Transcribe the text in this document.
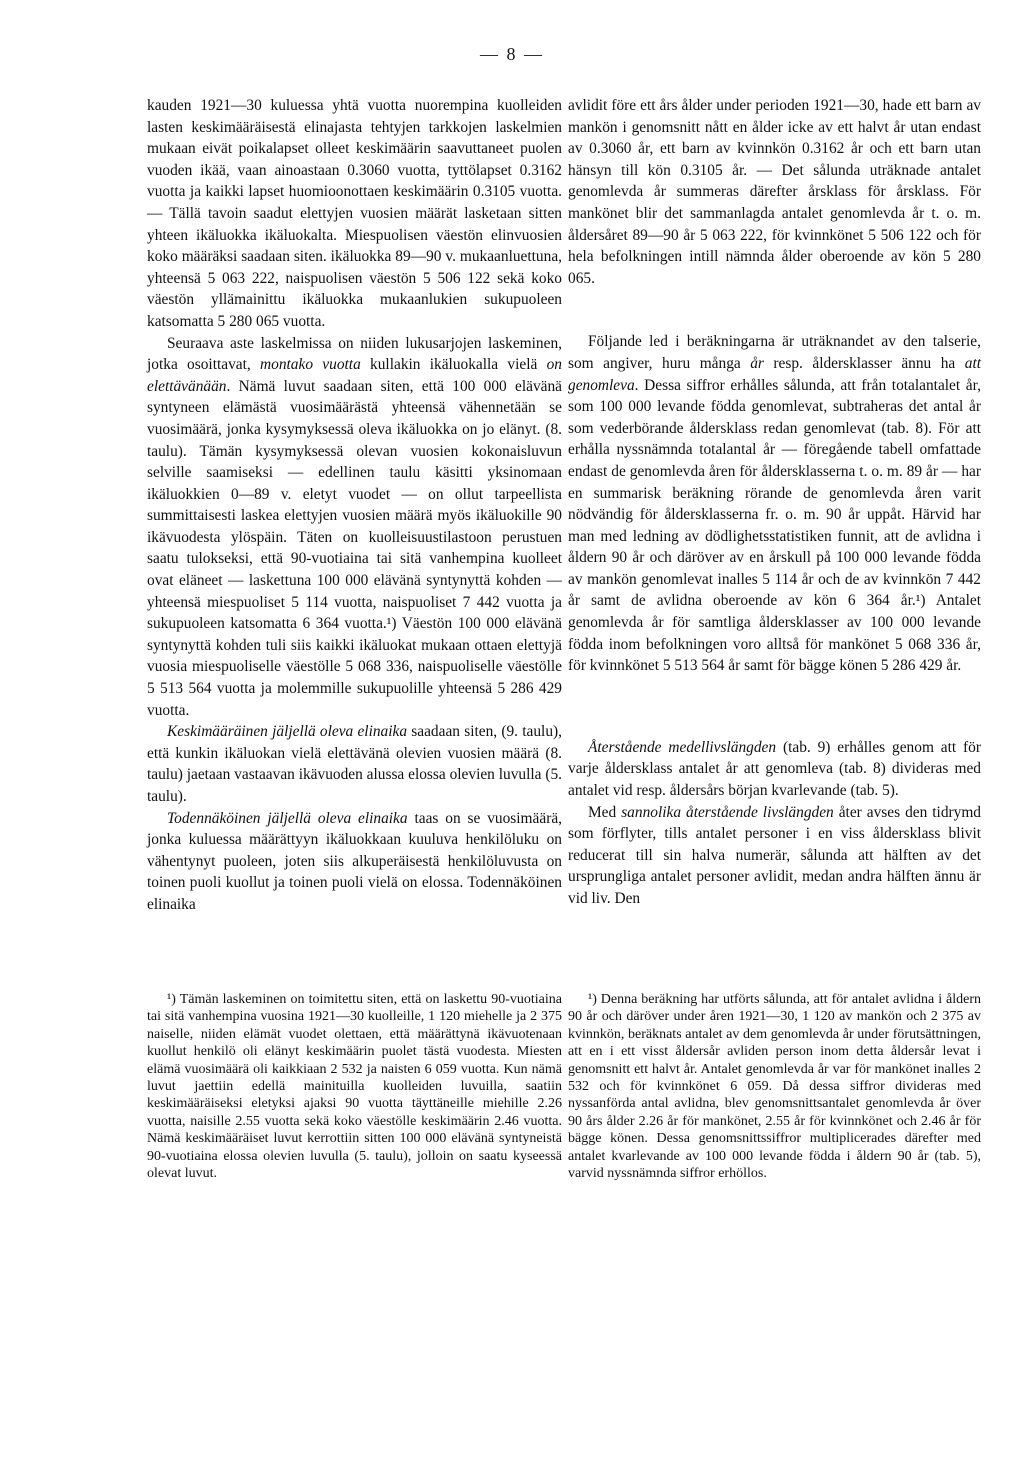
— 8 —

kauden 1921—30 kuluessa yhtä vuotta nuorempina kuolleiden lasten keskimääräisestä elinajasta tehtyjen tarkkojen laskelmien mukaan eivät poikalapset olleet keskimäärin saavuttaneet puolen vuoden ikää, vaan ainoastaan 0.3060 vuotta, tyttölapset 0.3162 vuotta ja kaikki lapset huomioonottaen keskimäärin 0.3105 vuotta. — Tällä tavoin saadut elettyjen vuosien määrät lasketaan sitten yhteen ikäluokka ikäluokalta. Miespuolisen väestön elinvuosien koko määräksi saadaan siten. ikäluokka 89—90 v. mukaanluettuna, yhteensä 5 063 222, naispuolisen väestön 5 506 122 sekä koko väestön yllämainittu ikäluokka mukaanlukien sukupuoleen katsomatta 5 280 065 vuotta.

Seuraava aste laskelmissa on niiden lukusarjojen laskeminen, jotka osoittavat, montako vuotta kullakin ikäluokalla vielä on elettävänään. Nämä luvut saadaan siten, että 100 000 elävänä syntyneen elämästä vuosimäärästä yhteensä vähennetään se vuosimäärä, jonka kysymyksessä oleva ikäluokka on jo elänyt. (8. taulu). Tämän kysymyksessä olevan vuosien kokonaisluvun selville saamiseksi — edellinen taulu käsitti yksinomaan ikäluokkien 0—89 v. eletyt vuodet — on ollut tarpeellista summittaisesti laskea elettyjen vuosien määrä myös ikäluokille 90 ikävuodesta ylöspäin. Täten on kuolleisuustilastoon perustuen saatu tulokseksi, että 90-vuotiaina tai sitä vanhempina kuolleet ovat eläneet — laskettuna 100 000 elävänä syntynyttä kohden — yhteensä miespuoliset 5 114 vuotta, naispuoliset 7 442 vuotta ja sukupuoleen katsomatta 6 364 vuotta.¹) Väestön 100 000 elävänä syntynyttä kohden tuli siis kaikki ikäluokat mukaan ottaen elettyjä vuosia miespuoliselle väestölle 5 068 336, naispuoliselle väestölle 5 513 564 vuotta ja molemmille sukupuolille yhteensä 5 286 429 vuotta.

Keskimääräinen jäljellä oleva elinaika saadaan siten, (9. taulu), että kunkin ikäluokan vielä elettävänä olevien vuosien määrä (8. taulu) jaetaan vastaavan ikävuoden alussa elossa olevien luvulla (5. taulu).

Todennäköinen jäljellä oleva elinaika taas on se vuosimäärä, jonka kuluessa määrättyyn ikäluokkaan kuuluva henkilöluku on vähentynyt puoleen, joten siis alkuperäisestä henkilöluvusta on toinen puoli kuollut ja toinen puoli vielä on elossa. Todennäköinen elinaika

avlidit före ett års ålder under perioden 1921—30, hade ett barn av mankön i genomsnitt nått en ålder icke av ett halvt år utan endast av 0.3060 år, ett barn av kvinnkön 0.3162 år och ett barn utan hänsyn till kön 0.3105 år. — Det sålunda uträknade antalet genomlevda år summeras därefter årsklass för årsklass. För mankönet blir det sammanlagda antalet genomlevda år t. o. m. åldersåret 89—90 år 5 063 222, för kvinnkönet 5 506 122 och för hela befolkningen intill nämnda ålder oberoende av kön 5 280 065.

Följande led i beräkningarna är uträknandet av den talserie, som angiver, huru många år resp. åldersklasser ännu ha att genomleva. Dessa siffror erhålles sålunda, att från totalantalet år, som 100 000 levande födda genomlevat, subtraheras det antal år som vederbörande åldersklass redan genomlevat (tab. 8). För att erhålla nyssnämnda totalantal år — föregående tabell omfattade endast de genomlevda åren för åldersklasserna t. o. m. 89 år — har en summarisk beräkning rörande de genomlevda åren varit nödvändig för åldersklasserna fr. o. m. 90 år uppåt. Härvid har man med ledning av dödlighetsstatistiken funnit, att de avlidna i åldern 90 år och däröver av en årskull på 100 000 levande födda av mankön genomlevat inalles 5 114 år och de av kvinnkön 7 442 år samt de avlidna oberoende av kön 6 364 år.¹) Antalet genomlevda år för samtliga åldersklasser av 100 000 levande födda inom befolkningen voro alltså för mankönet 5 068 336 år, för kvinnkönet 5 513 564 år samt för bägge könen 5 286 429 år.

Återstående medellivslängden (tab. 9) erhålles genom att för varje åldersklass antalet år att genomleva (tab. 8) divideras med antalet vid resp. åldersårs början kvarlevande (tab. 5).

Med sannolika återstående livslängden åter avses den tidrymd som förflyter, tills antalet personer i en viss åldersklass blivit reducerat till sin halva numerär, sålunda att hälften av det ursprungliga antalet personer avlidit, medan andra hälften ännu är vid liv. Den

¹) Tämän laskeminen on toimitettu siten, että on laskettu 90-vuotiaina tai sitä vanhempina vuosina 1921—30 kuolleille, 1 120 miehelle ja 2 375 naiselle, niiden elämät vuodet olettaen, että määrättynä ikävuotenaan kuollut henkilö oli elänyt keskimäärin puolet tästä vuodesta. Miesten elämä vuosimäärä oli kaikkiaan 2 532 ja naisten 6 059 vuotta. Kun nämä luvut jaettiin edellä mainituilla kuolleiden luvuilla, saatiin keskimääräiseksi eletyksi ajaksi 90 vuotta täyttäneille miehille 2.26 vuotta, naisille 2.55 vuotta sekä koko väestölle keskimäärin 2.46 vuotta. Nämä keskimääräiset luvut kerrottiin sitten 100 000 elävänä syntyneistä 90-vuotiaina elossa olevien luvulla (5. taulu), jolloin on saatu kyseessä olevat luvut.

¹) Denna beräkning har utförts sålunda, att för antalet avlidna i åldern 90 år och däröver under åren 1921—30, 1 120 av mankön och 2 375 av kvinnkön, beräknats antalet av dem genomlevda år under förutsättningen, att en i ett visst åldersår avliden person inom detta åldersår levat i genomsnitt ett halvt år. Antalet genomlevda år var för mankönet inalles 2 532 och för kvinnkönet 6 059. Då dessa siffror divideras med nyssanförda antal avlidna, blev genomsnittsantalet genomlevda år över 90 års ålder 2.26 år för mankönet, 2.55 år för kvinnkönet och 2.46 år för bägge könen. Dessa genomsnittssiffror multiplicerades därefter med antalet kvarlevande av 100 000 levande födda i åldern 90 år (tab. 5), varvid nyssnämnda siffror erhöllos.
